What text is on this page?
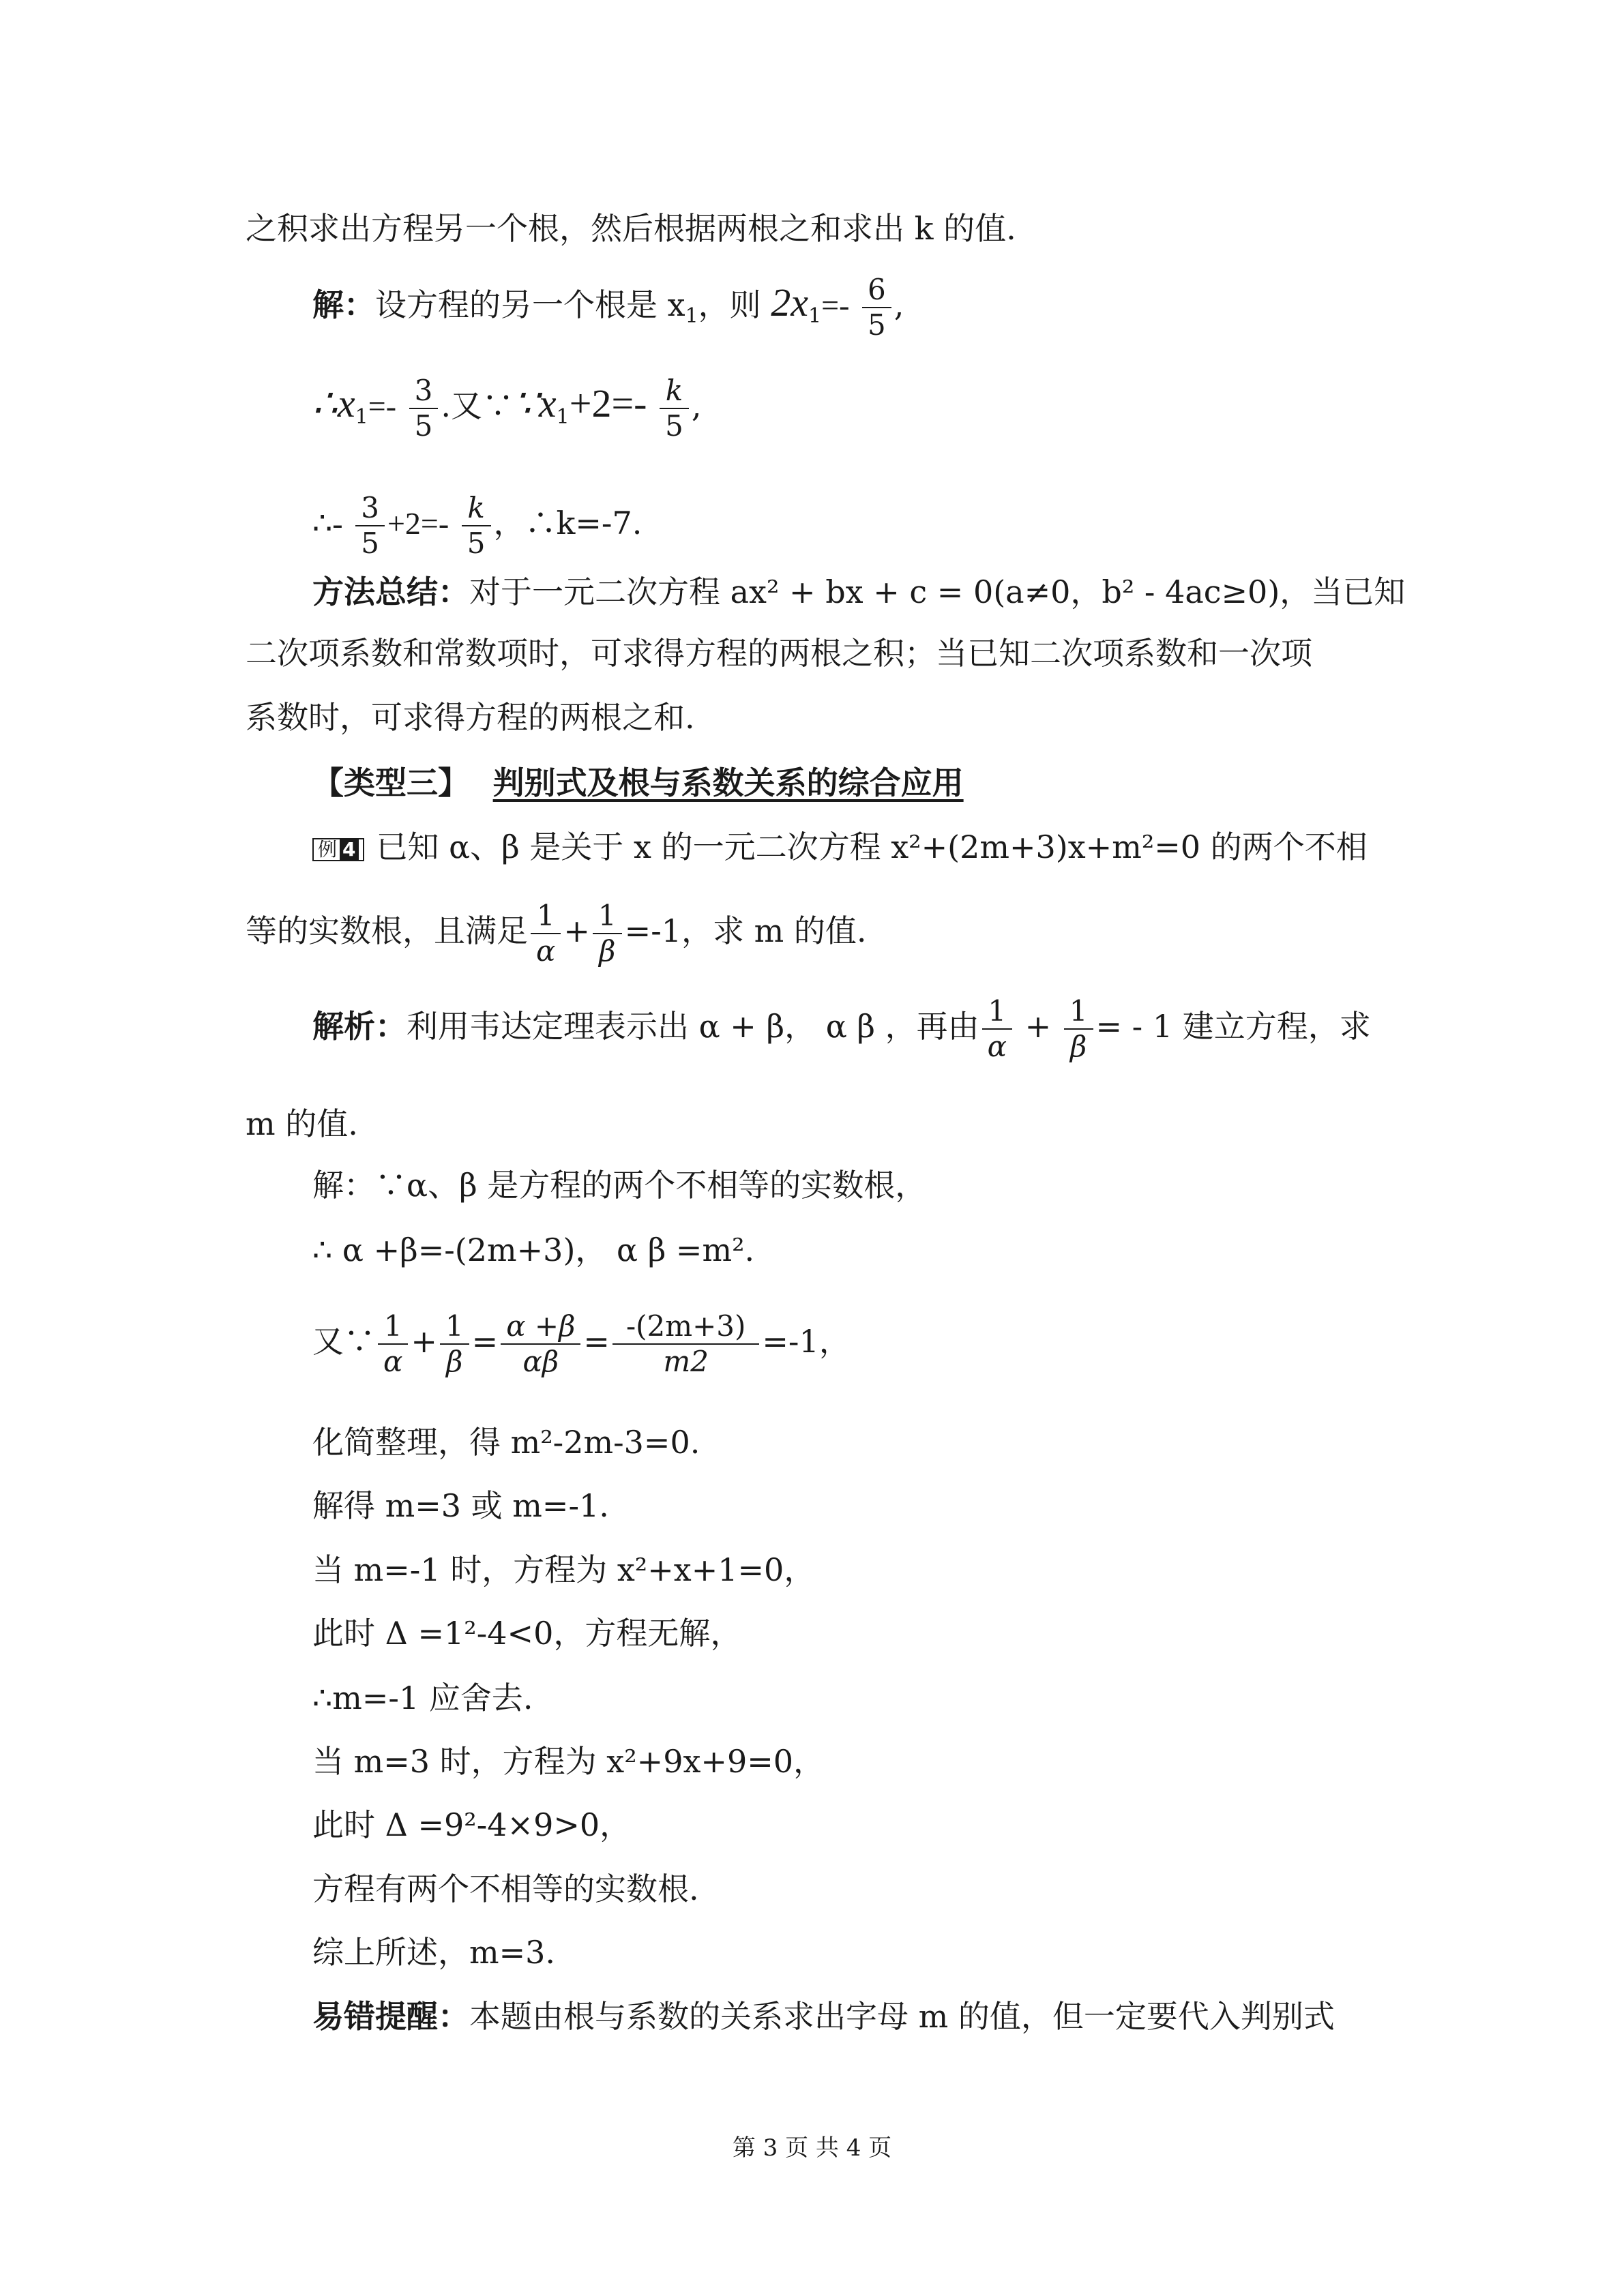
之积求出方程另一个根，然后根据两根之和求出 k 的值.
解：设方程的另一个根是 $x_1$，则 $2x_1=- \frac{6}{5}$ ,
$\therefore x_1=- \frac{3}{5}$ .又$\because\because x_1+2=- \frac{k}{5}$ ,
∴- $\frac{3}{5} +2=- \frac{k}{5}$ ，∴k=-7.
方法总结：对于一元二次方程 ax² + bx + c = 0(a≠0，b² - 4ac≥0)，当已知
二次项系数和常数项时，可求得方程的两根之积；当已知二次项系数和一次项
系数时，可求得方程的两根之和.
【类型三】 判别式及根与系数关系的综合应用
例 4 已知 α、β 是关于 x 的一元二次方程 x²+(2m+3)x+m²=0 的两个不相
等的实数根，且满足 $\frac{1}{\alpha} + \frac{1}{\beta} =-1$，求 m 的值.
解析：利用韦达定理表示出 α + β， α β ，再由 $\frac{1}{\alpha} + \frac{1}{\beta}$ = - 1 建立方程，求
m 的值.
解：∵α、β 是方程的两个不相等的实数根，
∴ α +β=-(2m+3)， α β =m².
又∵ $\frac{1}{\alpha} + \frac{1}{\beta} = \frac{\alpha +\beta}{\alpha\beta} = \frac{-(2m+3)}{m2} =-1$，
化简整理，得 m²-2m-3=0.
解得 m=3 或 m=-1.
当 m=-1 时，方程为 x²+x+1=0，
此时 Δ =1²-4<0，方程无解，
∴m=-1 应舍去.
当 m=3 时，方程为 x²+9x+9=0，
此时 Δ =9²-4×9>0，
方程有两个不相等的实数根.
综上所述，m=3.
易错提醒：本题由根与系数的关系求出字母 m 的值，但一定要代入判别式
第 3 页 共 4 页
